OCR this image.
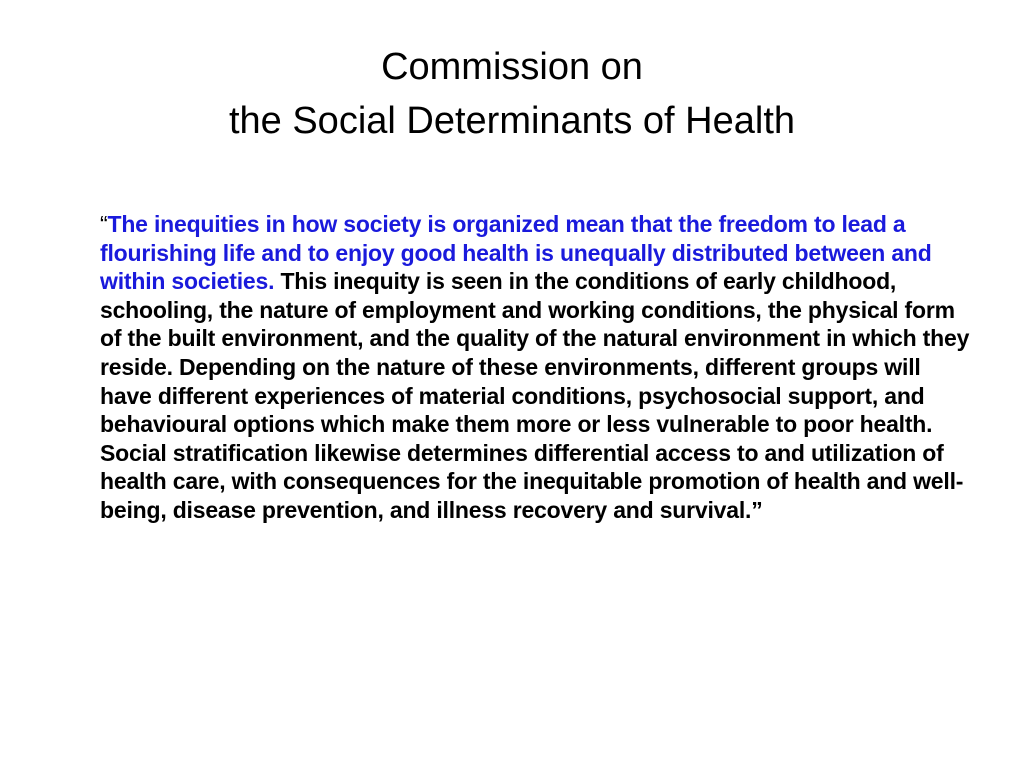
Commission on
the Social Determinants of Health

“The inequities in how society is organized mean that the freedom to lead a flourishing life and to enjoy good health is unequally distributed between and within societies. This inequity is seen in the conditions of early childhood, schooling, the nature of employment and working conditions, the physical form of the built environment, and the quality of the natural environment in which they reside. Depending on the nature of these environments, different groups will have different experiences of material conditions, psychosocial support, and behavioural options which make them more or less vulnerable to poor health. Social stratification likewise determines differential access to and utilization of health care, with consequences for the inequitable promotion of health and well-being, disease prevention, and illness recovery and survival.”
